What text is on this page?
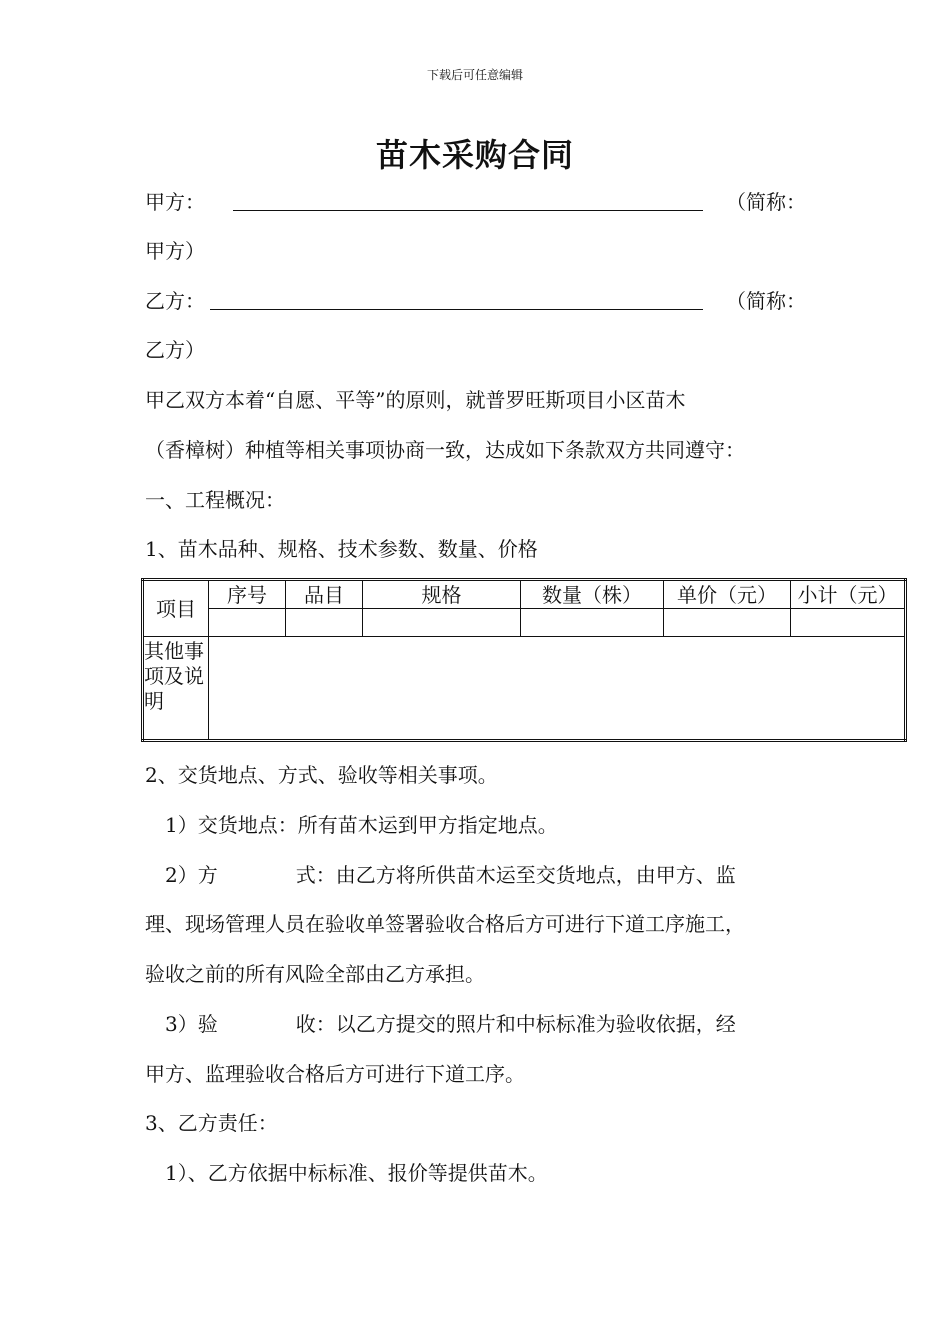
下载后可任意编辑
苗木采购合同
甲方：	（简称：
甲方）
乙方：	（简称：
乙方）
甲乙双方本着“自愿、平等”的原则，就普罗旺斯项目小区苗木
（香樟树）种植等相关事项协商一致，达成如下条款双方共同遵守：
一、工程概况：
1、苗木品种、规格、技术参数、数量、价格
项目	序号	品目	规格	数量（株）	单价（元）	小计（元）

其他事项及说明						
2、交货地点、方式、验收等相关事项。
1）交货地点：所有苗木运到甲方指定地点。
2）方	式：由乙方将所供苗木运至交货地点，由甲方、监
理、现场管理人员在验收单签署验收合格后方可进行下道工序施工，
验收之前的所有风险全部由乙方承担。
3）验	收：以乙方提交的照片和中标标准为验收依据，经
甲方、监理验收合格后方可进行下道工序。
3、乙方责任：
1）、乙方依据中标标准、报价等提供苗木。
